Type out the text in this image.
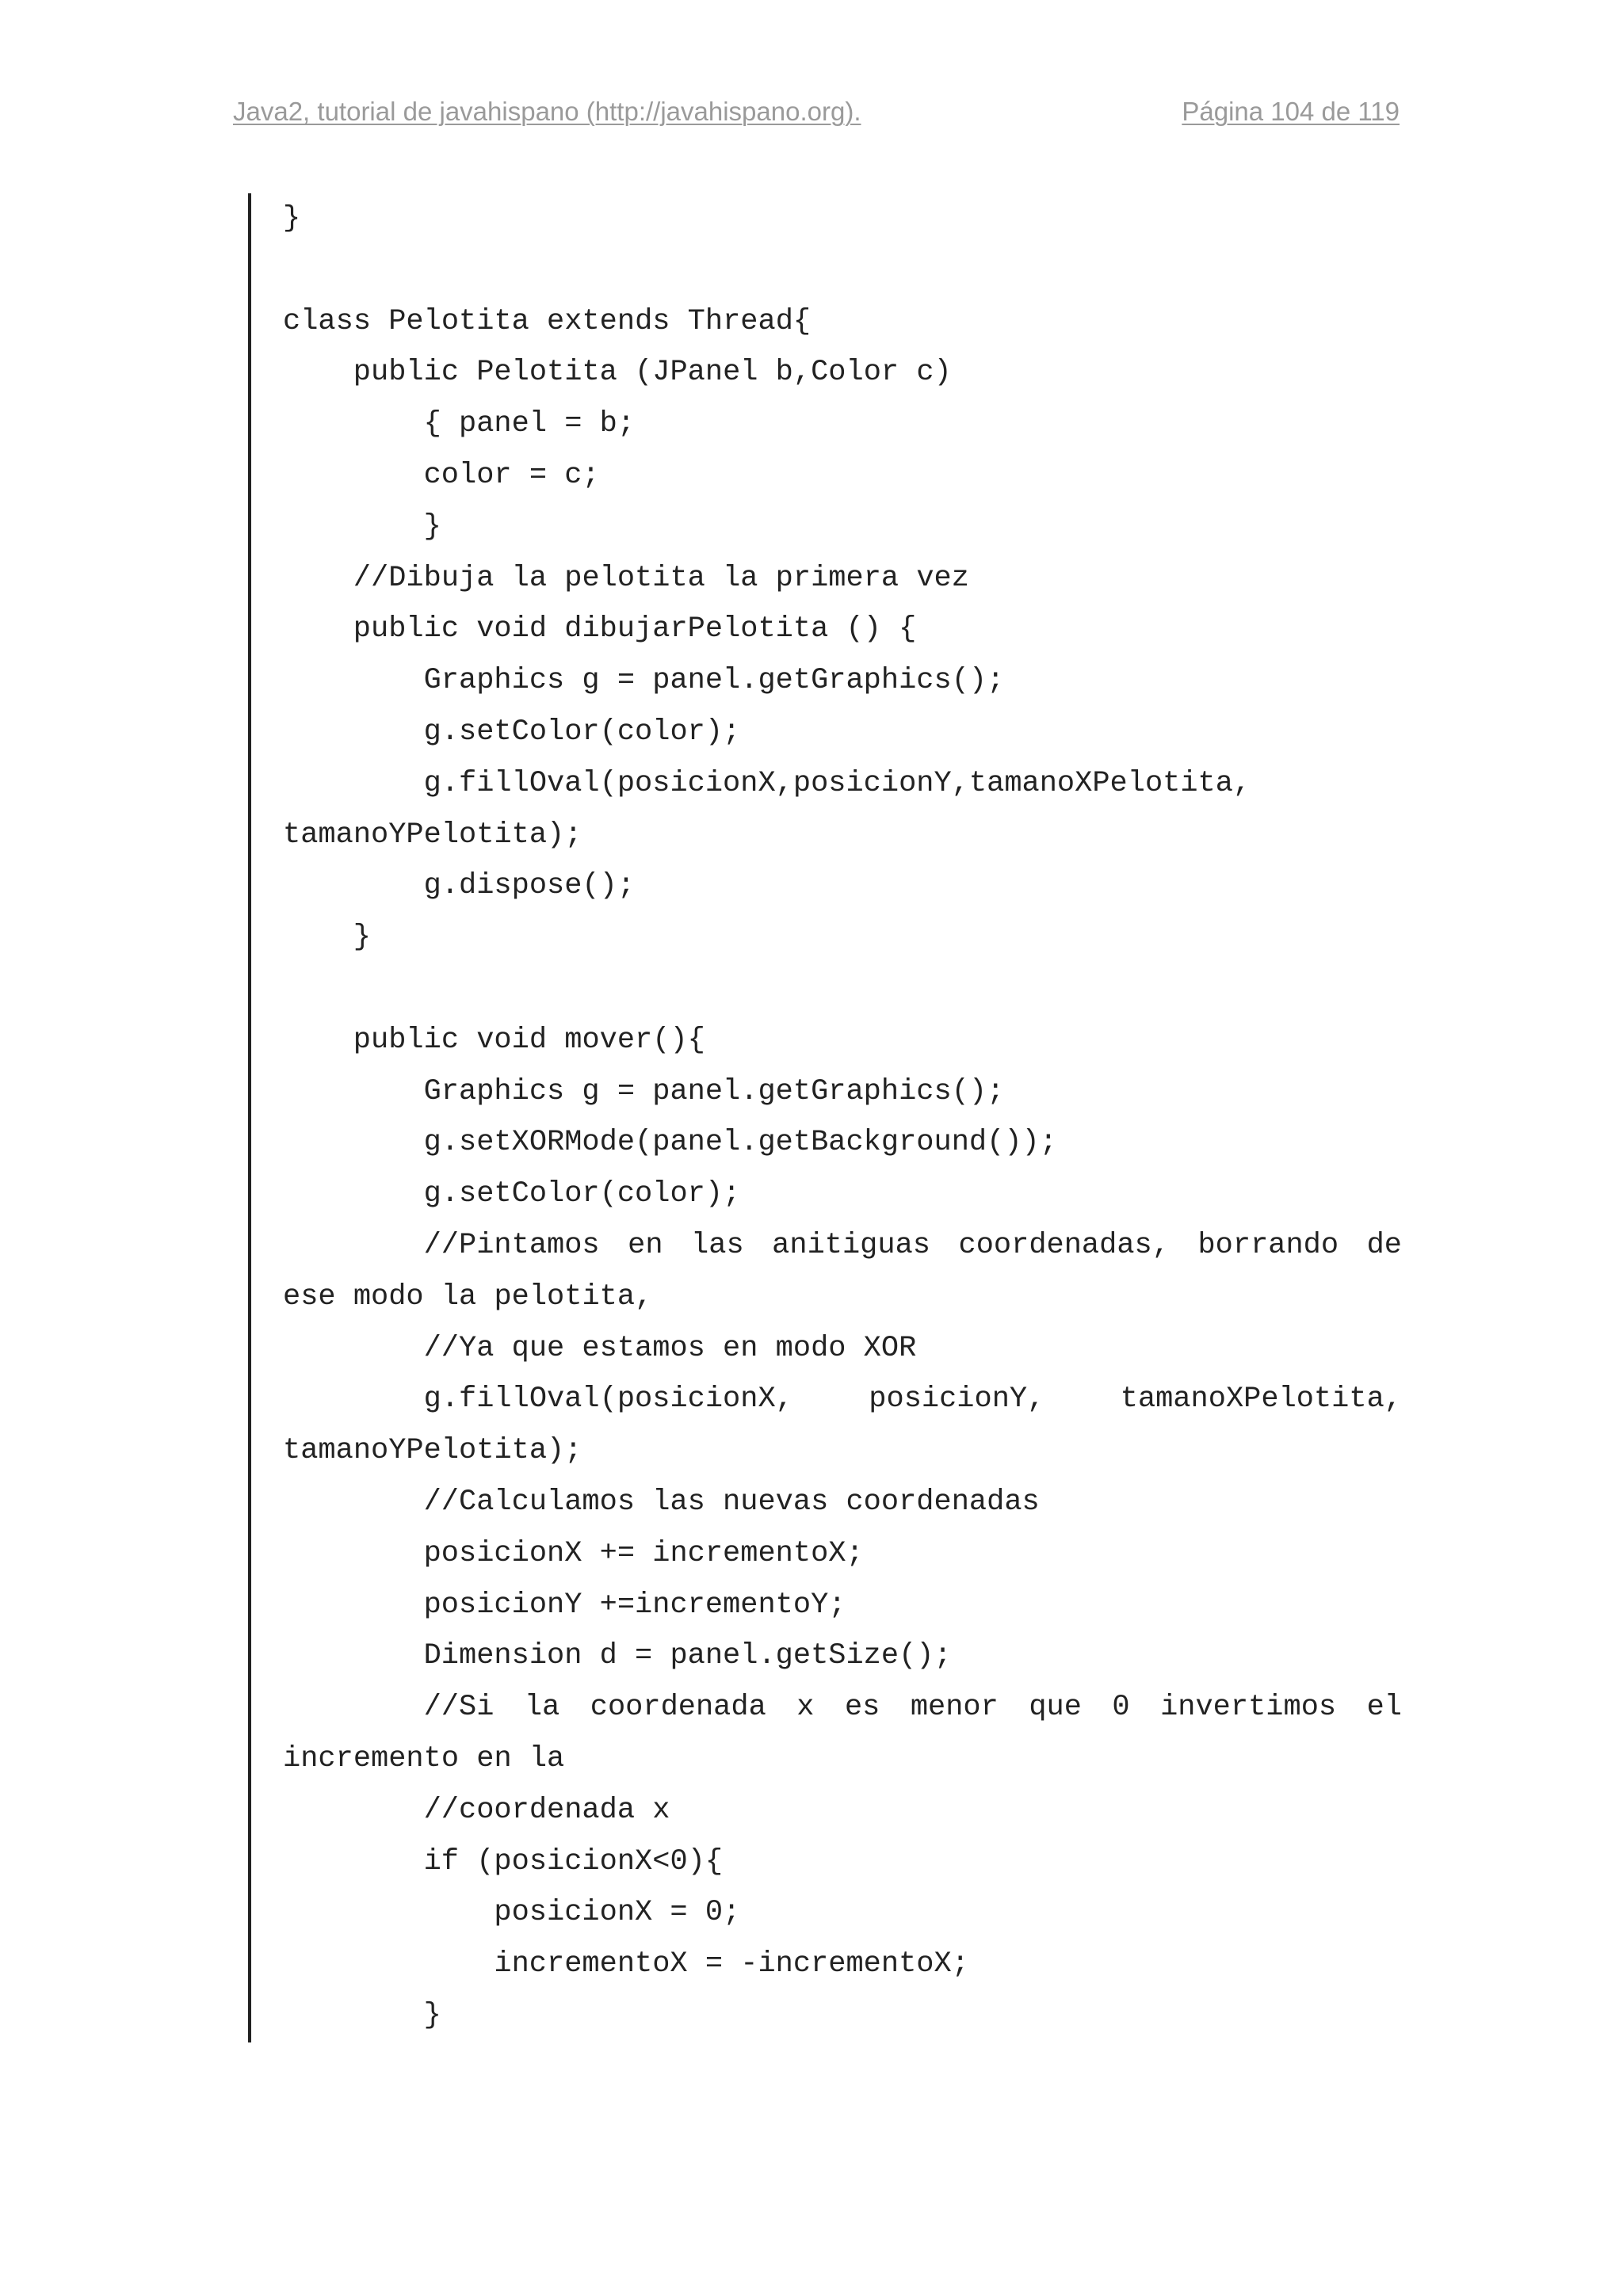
Java2, tutorial de javahispano (http://javahispano.org).	Página 104 de 119
}
class Pelotita extends Thread{
public Pelotita (JPanel b,Color c)
{ panel = b;
color = c;
}
//Dibuja la pelotita la primera vez
public void dibujarPelotita () {
Graphics g = panel.getGraphics();
g.setColor(color);
g.fillOval(posicionX,posicionY,tamanoXPelotita,
tamanoYPelotita);
g.dispose();
}
public void mover(){
Graphics g = panel.getGraphics();
g.setXORMode(panel.getBackground());
g.setColor(color);
//Pintamos en las anitiguas coordenadas, borrando de
ese modo la pelotita,
//Ya que estamos en modo XOR
g.fillOval(posicionX, posicionY, tamanoXPelotita,
tamanoYPelotita);
//Calculamos las nuevas coordenadas
posicionX += incrementoX;
posicionY +=incrementoY;
Dimension d = panel.getSize();
//Si la coordenada x es menor que 0 invertimos el
incremento en la
//coordenada x
if (posicionX<0){
posicionX = 0;
incrementoX = -incrementoX;
}
